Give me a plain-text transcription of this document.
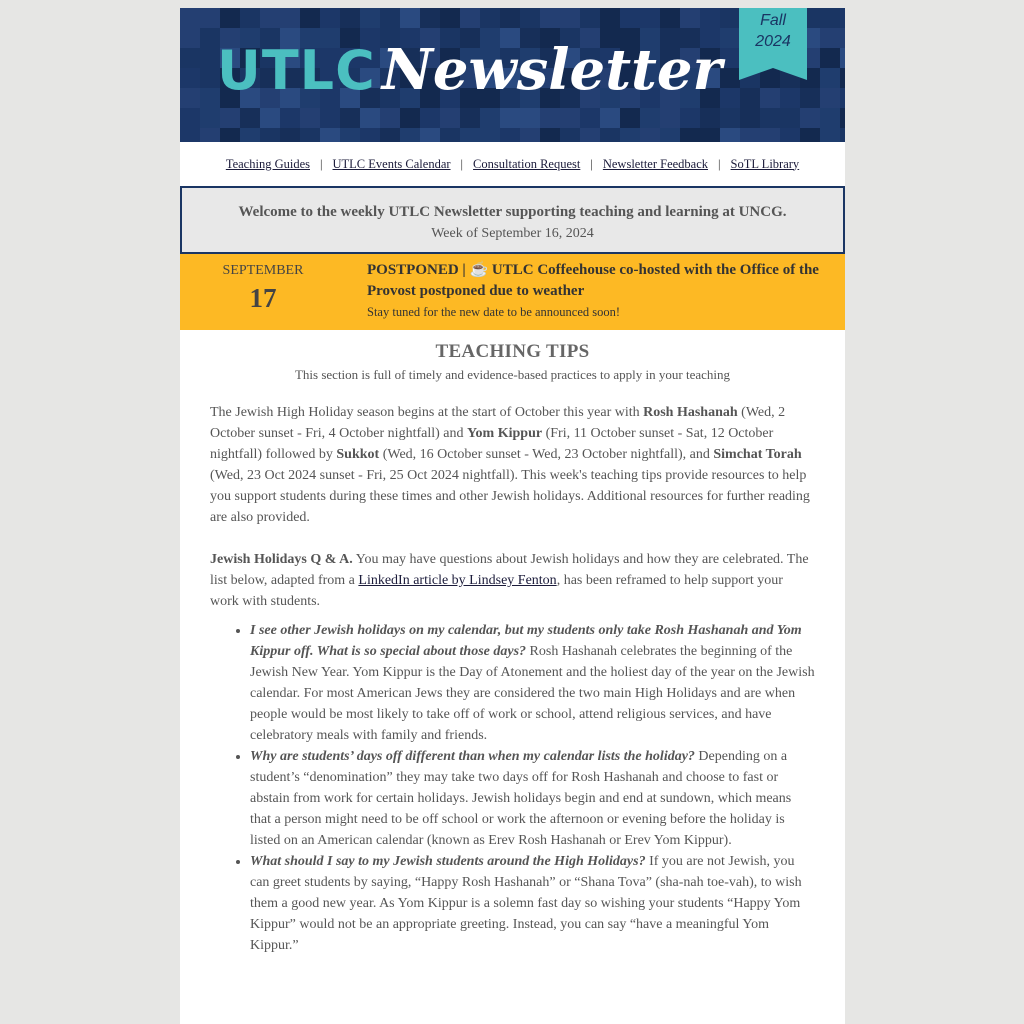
UTLC Newsletter
Fall
2024
Teaching Guides | UTLC Events Calendar | Consultation Request | Newsletter Feedback | SoTL Library
Welcome to the weekly UTLC Newsletter supporting teaching and learning at UNCG.
Week of September 16, 2024
SEPTEMBER
17
POSTPONED | ☕ UTLC Coffeehouse co-hosted with the Office of the Provost postponed due to weather
Stay tuned for the new date to be announced soon!
TEACHING TIPS
This section is full of timely and evidence-based practices to apply in your teaching

The Jewish High Holiday season begins at the start of October this year with Rosh Hashanah (Wed, 2 October sunset - Fri, 4 October nightfall) and Yom Kippur (Fri, 11 October sunset - Sat, 12 October nightfall) followed by Sukkot (Wed, 16 October sunset - Wed, 23 October nightfall), and Simchat Torah (Wed, 23 Oct 2024 sunset - Fri, 25 Oct 2024 nightfall). This week's teaching tips provide resources to help you support students during these times and other Jewish holidays. Additional resources for further reading are also provided.

Jewish Holidays Q & A. You may have questions about Jewish holidays and how they are celebrated. The list below, adapted from a LinkedIn article by Lindsey Fenton, has been reframed to help support your work with students.

• I see other Jewish holidays on my calendar, but my students only take Rosh Hashanah and Yom Kippur off. What is so special about those days? Rosh Hashanah celebrates the beginning of the Jewish New Year. Yom Kippur is the Day of Atonement and the holiest day of the year on the Jewish calendar. For most American Jews they are considered the two main High Holidays and are when people would be most likely to take off of work or school, attend religious services, and have celebratory meals with family and friends.
• Why are students’ days off different than when my calendar lists the holiday? Depending on a student’s “denomination” they may take two days off for Rosh Hashanah and choose to fast or abstain from work for certain holidays. Jewish holidays begin and end at sundown, which means that a person might need to be off school or work the afternoon or evening before the holiday is listed on an American calendar (known as Erev Rosh Hashanah or Erev Yom Kippur).
• What should I say to my Jewish students around the High Holidays? If you are not Jewish, you can greet students by saying, “Happy Rosh Hashanah” or “Shana Tova” (sha-nah toe-vah), to wish them a good new year. As Yom Kippur is a solemn fast day so wishing your students “Happy Yom Kippur” would not be an appropriate greeting. Instead, you can say “have a meaningful Yom Kippur.”
